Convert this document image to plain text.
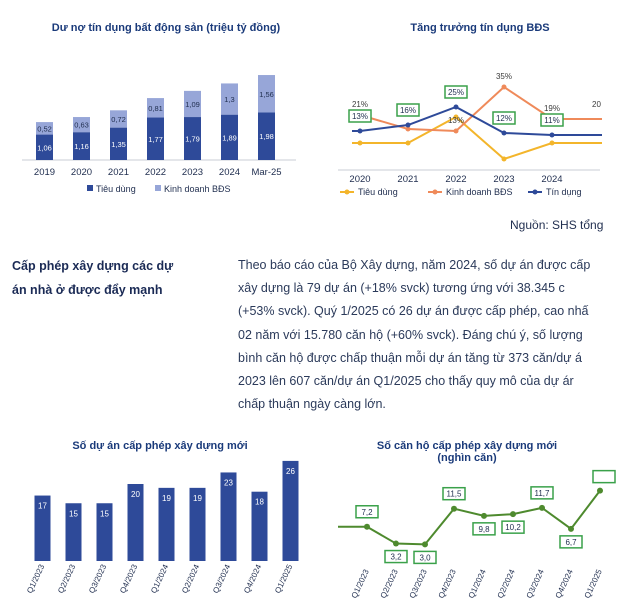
Dư nợ tín dụng bất động sản (triệu tỷ đồng)
1,06
0,52
2019
1,16
0,63
2020
1,35
0,72
2021
1,77
0,81
2022
1,79
1,09
2023
1,89
1,3
2024
1,98
1,56
Mar-25
Tiêu dùng	Kinh doanh BĐS
Tăng trưởng tín dụng BĐS
21%
13%
35%
19%
13%
16%
25%
12%	11%
20
2020	2021	2022	2023	2024
Tiêu dùng	Kinh doanh BĐS	Tín dụng
Nguồn: SHS tổng
Cấp phép xây dựng các dự
án nhà ở được đẩy mạnh
Theo báo cáo của Bộ Xây dựng, năm 2024, số dự án được cấp
xây dựng là 79 dự án (+18% svck) tương ứng với 38.345 c
(+53% svck). Quý 1/2025 có 26 dự án được cấp phép, cao nhấ
02 năm với 15.780 căn hộ (+60% svck). Đáng chú ý, số lượng
bình căn hộ được chấp thuận mỗi dự án tăng từ 373 căn/dự á
2023 lên 607 căn/dự án Q1/2025 cho thấy quy mô của dự ár
chấp thuận ngày càng lớn.
Số dự án cấp phép xây dựng mới
17
Q1/2023
15
Q2/2023
15
Q3/2023
20
Q4/2023
19
Q1/2024
19
Q2/2024
23
Q3/2024
18
Q4/2024
26
Q1/2025
Số căn hộ cấp phép xây dựng mới
(nghìn căn)
7,2
3,2 3,0
11,5
9,8 10,2
11,7
6,7
Q1/2023 Q2/2023 Q3/2023 Q4/2023 Q1/2024 Q2/2024 Q3/2024 Q4/2024 Q1/2025
